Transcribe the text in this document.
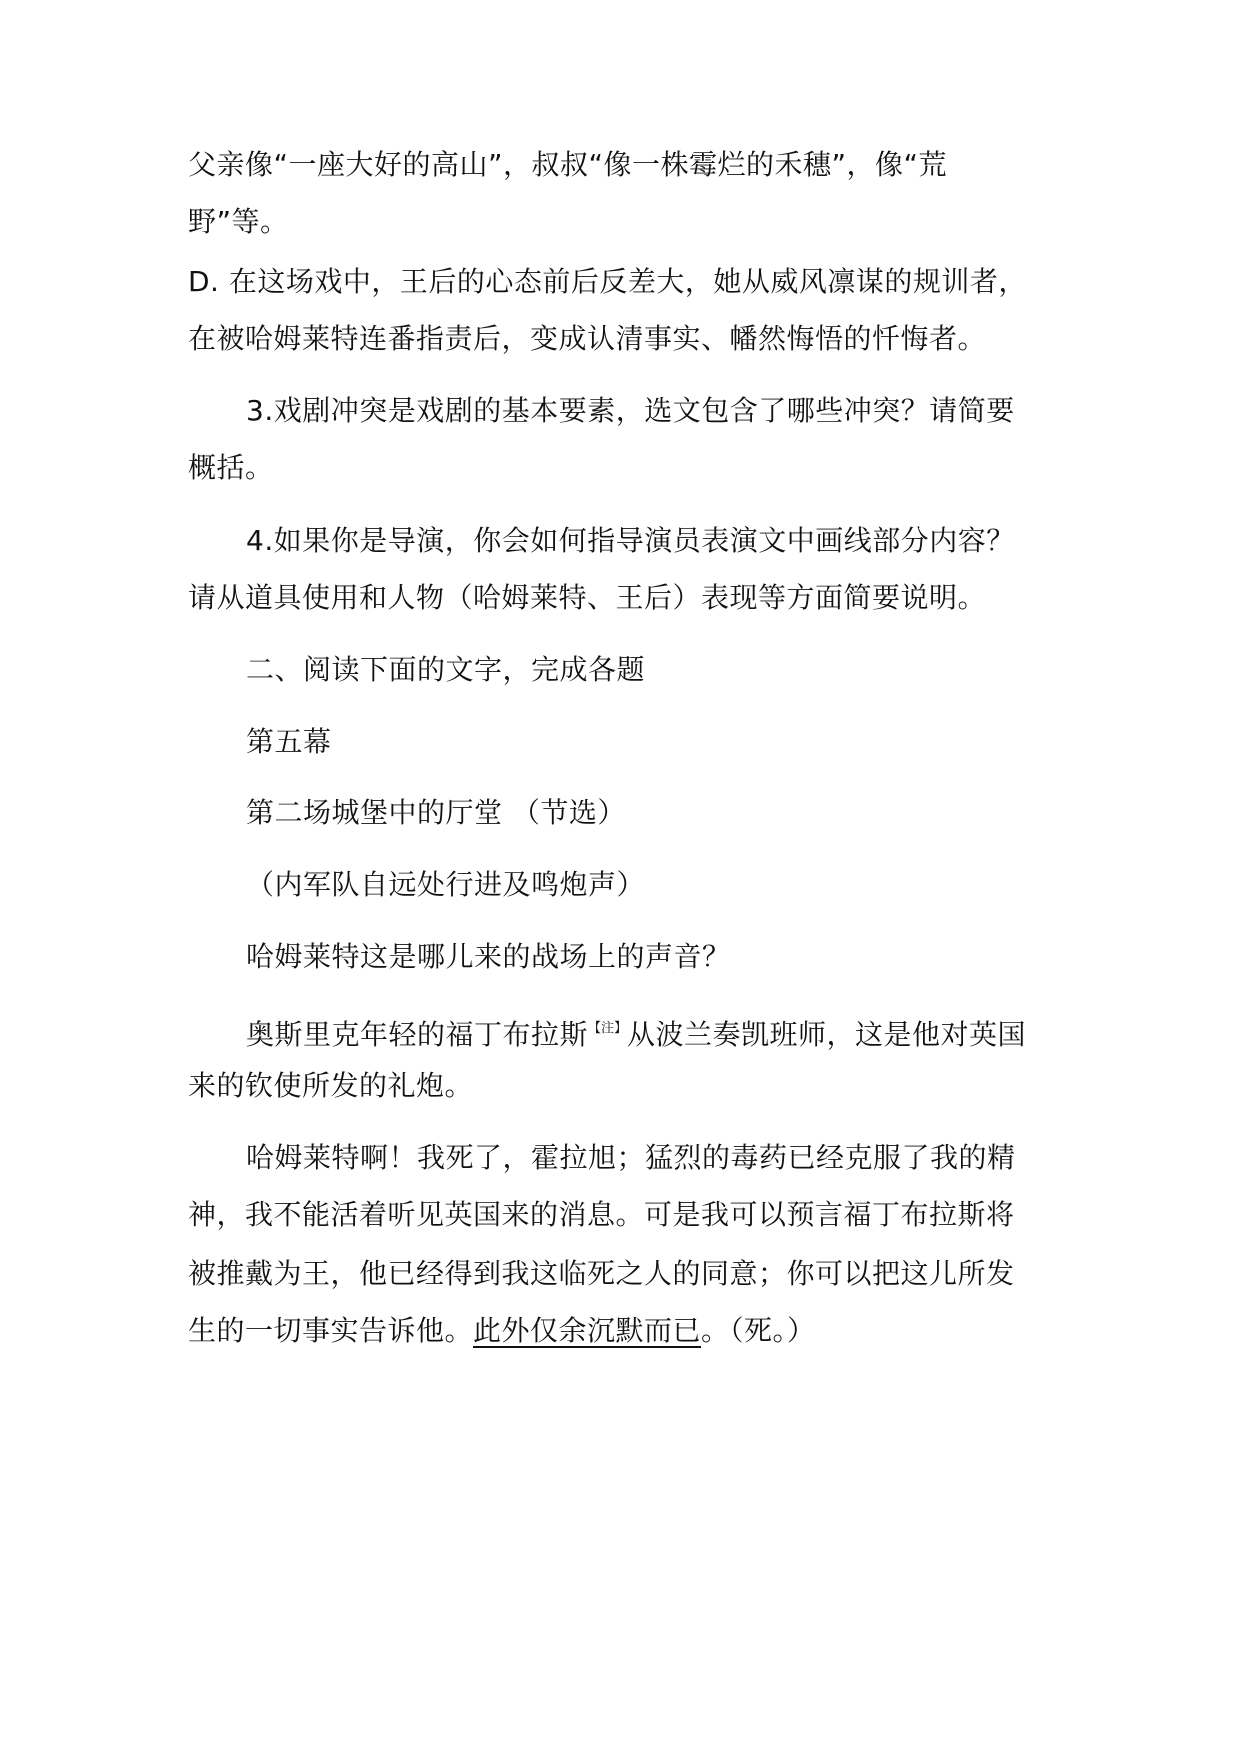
父亲像“一座大好的高山”，叔叔“像一株霉烂的禾穗”，像“荒
野”等。
D. 在这场戏中，王后的心态前后反差大，她从威风凛谋的规训者，
在被哈姆莱特连番指责后，变成认清事实、幡然悔悟的忏悔者。
3.戏剧冲突是戏剧的基本要素，选文包含了哪些冲突？请简要
概括。
4.如果你是导演，你会如何指导演员表演文中画线部分内容？
请从道具使用和人物（哈姆莱特、王后）表现等方面简要说明。
二、阅读下面的文字，完成各题
第五幕
第二场城堡中的厅堂 （节选）
（内军队自远处行进及鸣炮声）
哈姆莱特这是哪儿来的战场上的声音？
奥斯里克年轻的福丁布拉斯$^{【注】}$从波兰奏凯班师，这是他对英国
来的钦使所发的礼炮。
哈姆莱特啊！我死了，霍拉旭；猛烈的毒药已经克服了我的精
神，我不能活着听见英国来的消息。可是我可以预言福丁布拉斯将
被推戴为王，他已经得到我这临死之人的同意；你可以把这儿所发
生的一切事实告诉他。此外仅余沉默而已。（死。）
